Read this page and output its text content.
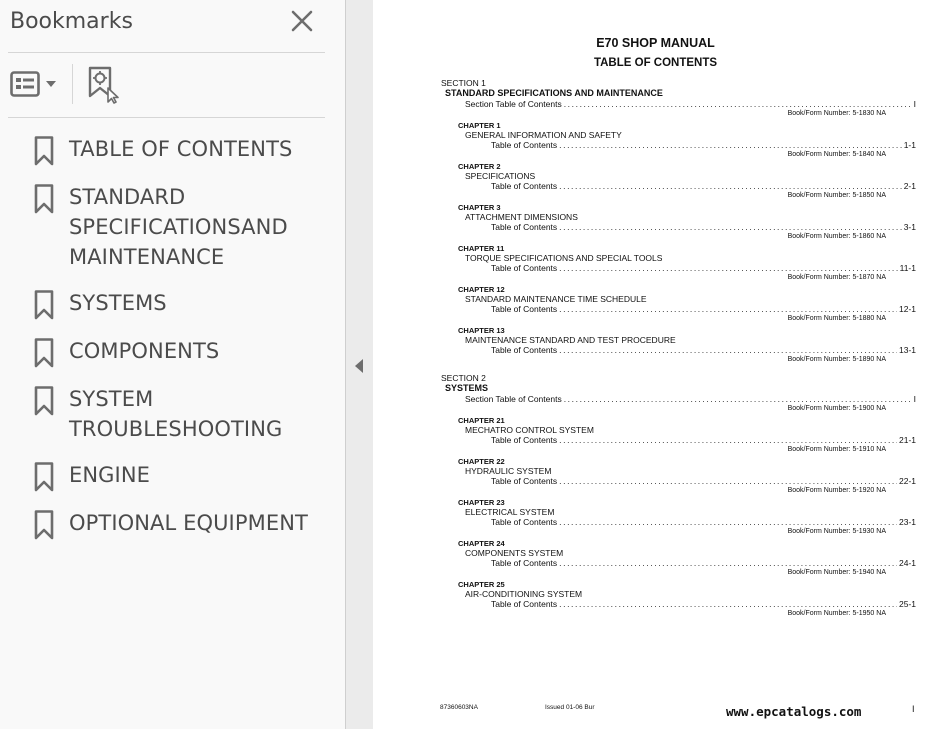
Bookmarks
TABLE OF CONTENTS
STANDARD SPECIFICATIONSAND MAINTENANCE
SYSTEMS
COMPONENTS
SYSTEM TROUBLESHOOTING
ENGINE
OPTIONAL EQUIPMENT
E70 SHOP MANUAL
TABLE OF CONTENTS
SECTION 1
STANDARD SPECIFICATIONS AND MAINTENANCE
Section Table of Contents .....	I
Book/Form Number: 5-1830 NA
CHAPTER 1
GENERAL INFORMATION AND SAFETY
Table of Contents .....	1-1
Book/Form Number: 5-1840 NA
CHAPTER 2
SPECIFICATIONS
Table of Contents .....	2-1
Book/Form Number: 5-1850 NA
CHAPTER 3
ATTACHMENT DIMENSIONS
Table of Contents .....	3-1
Book/Form Number: 5-1860 NA
CHAPTER 11
TORQUE SPECIFICATIONS AND SPECIAL TOOLS
Table of Contents .....	11-1
Book/Form Number: 5-1870 NA
CHAPTER 12
STANDARD MAINTENANCE TIME SCHEDULE
Table of Contents .....	12-1
Book/Form Number: 5-1880 NA
CHAPTER 13
MAINTENANCE STANDARD AND TEST PROCEDURE
Table of Contents .....	13-1
Book/Form Number: 5-1890 NA
SECTION 2
SYSTEMS
Section Table of Contents .....	I
Book/Form Number: 5-1900 NA
CHAPTER 21
MECHATRO CONTROL SYSTEM
Table of Contents .....	21-1
Book/Form Number: 5-1910 NA
CHAPTER 22
HYDRAULIC SYSTEM
Table of Contents .....	22-1
Book/Form Number: 5-1920 NA
CHAPTER 23
ELECTRICAL SYSTEM
Table of Contents .....	23-1
Book/Form Number: 5-1930 NA
CHAPTER 24
COMPONENTS SYSTEM
Table of Contents .....	24-1
Book/Form Number: 5-1940 NA
CHAPTER 25
AIR-CONDITIONING SYSTEM
Table of Contents .....	25-1
Book/Form Number: 5-1950 NA
87360603NA	Issued 01-06 Bur	www.epcatalogs.com	I
